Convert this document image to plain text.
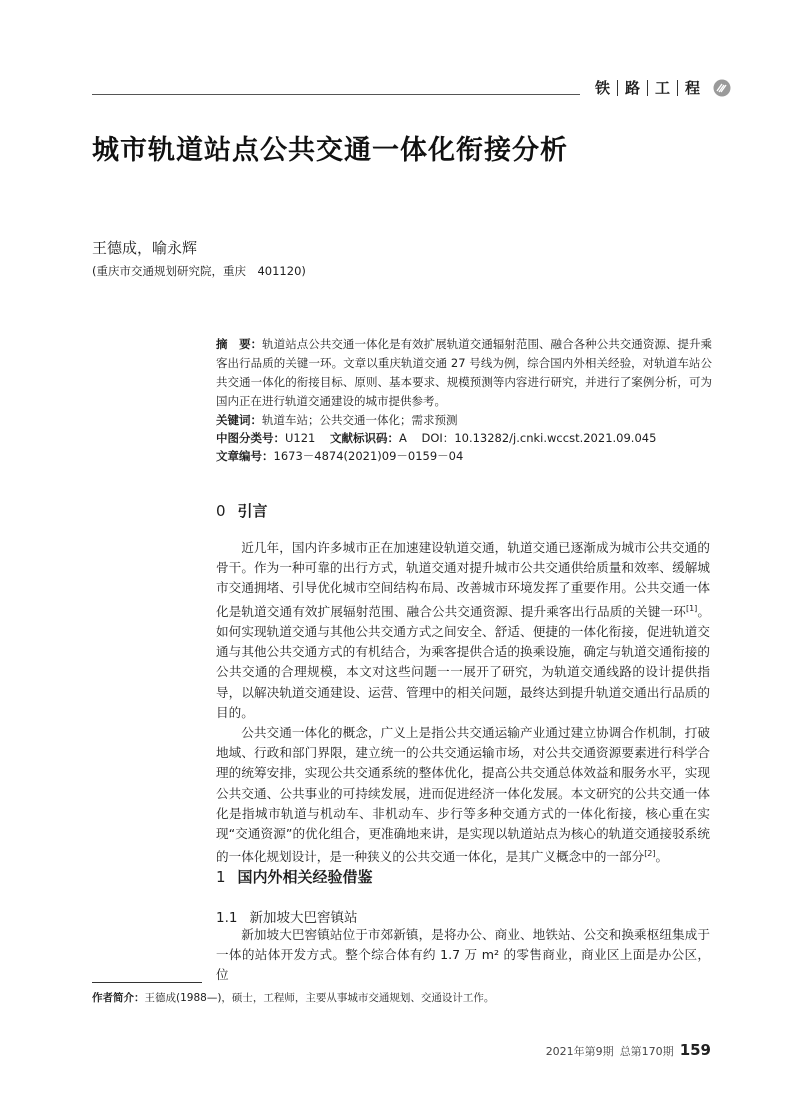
铁	路	工	程
城市轨道站点公共交通一体化衔接分析
王德成，喻永辉
(重庆市交通规划研究院，重庆　401120)
摘　要：轨道站点公共交通一体化是有效扩展轨道交通辐射范围、融合各种公共交通资源、提升乘客出行品质的关键一环。文章以重庆轨道交通 27 号线为例，综合国内外相关经验，对轨道车站公共交通一体化的衔接目标、原则、基本要求、规模预测等内容进行研究，并进行了案例分析，可为国内正在进行轨道交通建设的城市提供参考。
关键词：轨道车站；公共交通一体化；需求预测
中图分类号：U121 文献标识码：A DOI：10.13282/j.cnki.wccst.2021.09.045
文章编号：1673－4874(2021)09－0159－04
0 引言

近几年，国内许多城市正在加速建设轨道交通，轨道交通已逐渐成为城市公共交通的骨干。作为一种可靠的出行方式，轨道交通对提升城市公共交通供给质量和效率、缓解城市交通拥堵、引导优化城市空间结构布局、改善城市环境发挥了重要作用。公共交通一体化是轨道交通有效扩展辐射范围、融合公共交通资源、提升乘客出行品质的关键一环[1]。如何实现轨道交通与其他公共交通方式之间安全、舒适、便捷的一体化衔接，促进轨道交通与其他公共交通方式的有机结合，为乘客提供合适的换乘设施，确定与轨道交通衔接的公共交通的合理规模，本文对这些问题一一展开了研究，为轨道交通线路的设计提供指导，以解决轨道交通建设、运营、管理中的相关问题，最终达到提升轨道交通出行品质的目的。

公共交通一体化的概念，广义上是指公共交通运输产业通过建立协调合作机制，打破地域、行政和部门界限，建立统一的公共交通运输市场，对公共交通资源要素进行科学合理的统筹安排，实现公共交通系统的整体优化，提高公共交通总体效益和服务水平，实现公共交通、公共事业的可持续发展，进而促进经济一体化发展。本文研究的公共交通一体化是指城市轨道与机动车、非机动车、步行等多种交通方式的一体化衔接，核心重在实现“交通资源”的优化组合，更准确地来讲，是实现以轨道站点为核心的轨道交通接驳系统的一体化规划设计，是一种狭义的公共交通一体化，是其广义概念中的一部分[2]。

1 国内外相关经验借鉴
1.1 新加坡大巴窖镇站

新加坡大巴窖镇站位于市郊新镇，是将办公、商业、地铁站、公交和换乘枢纽集成于一体的站体开发方式。整个综合体有约 1.7 万 m² 的零售商业，商业区上面是办公区，位

作者简介：王德成(1988—)，硕士，工程师，主要从事城市交通规划、交通设计工作。
2021年第9期 总第170期 159
